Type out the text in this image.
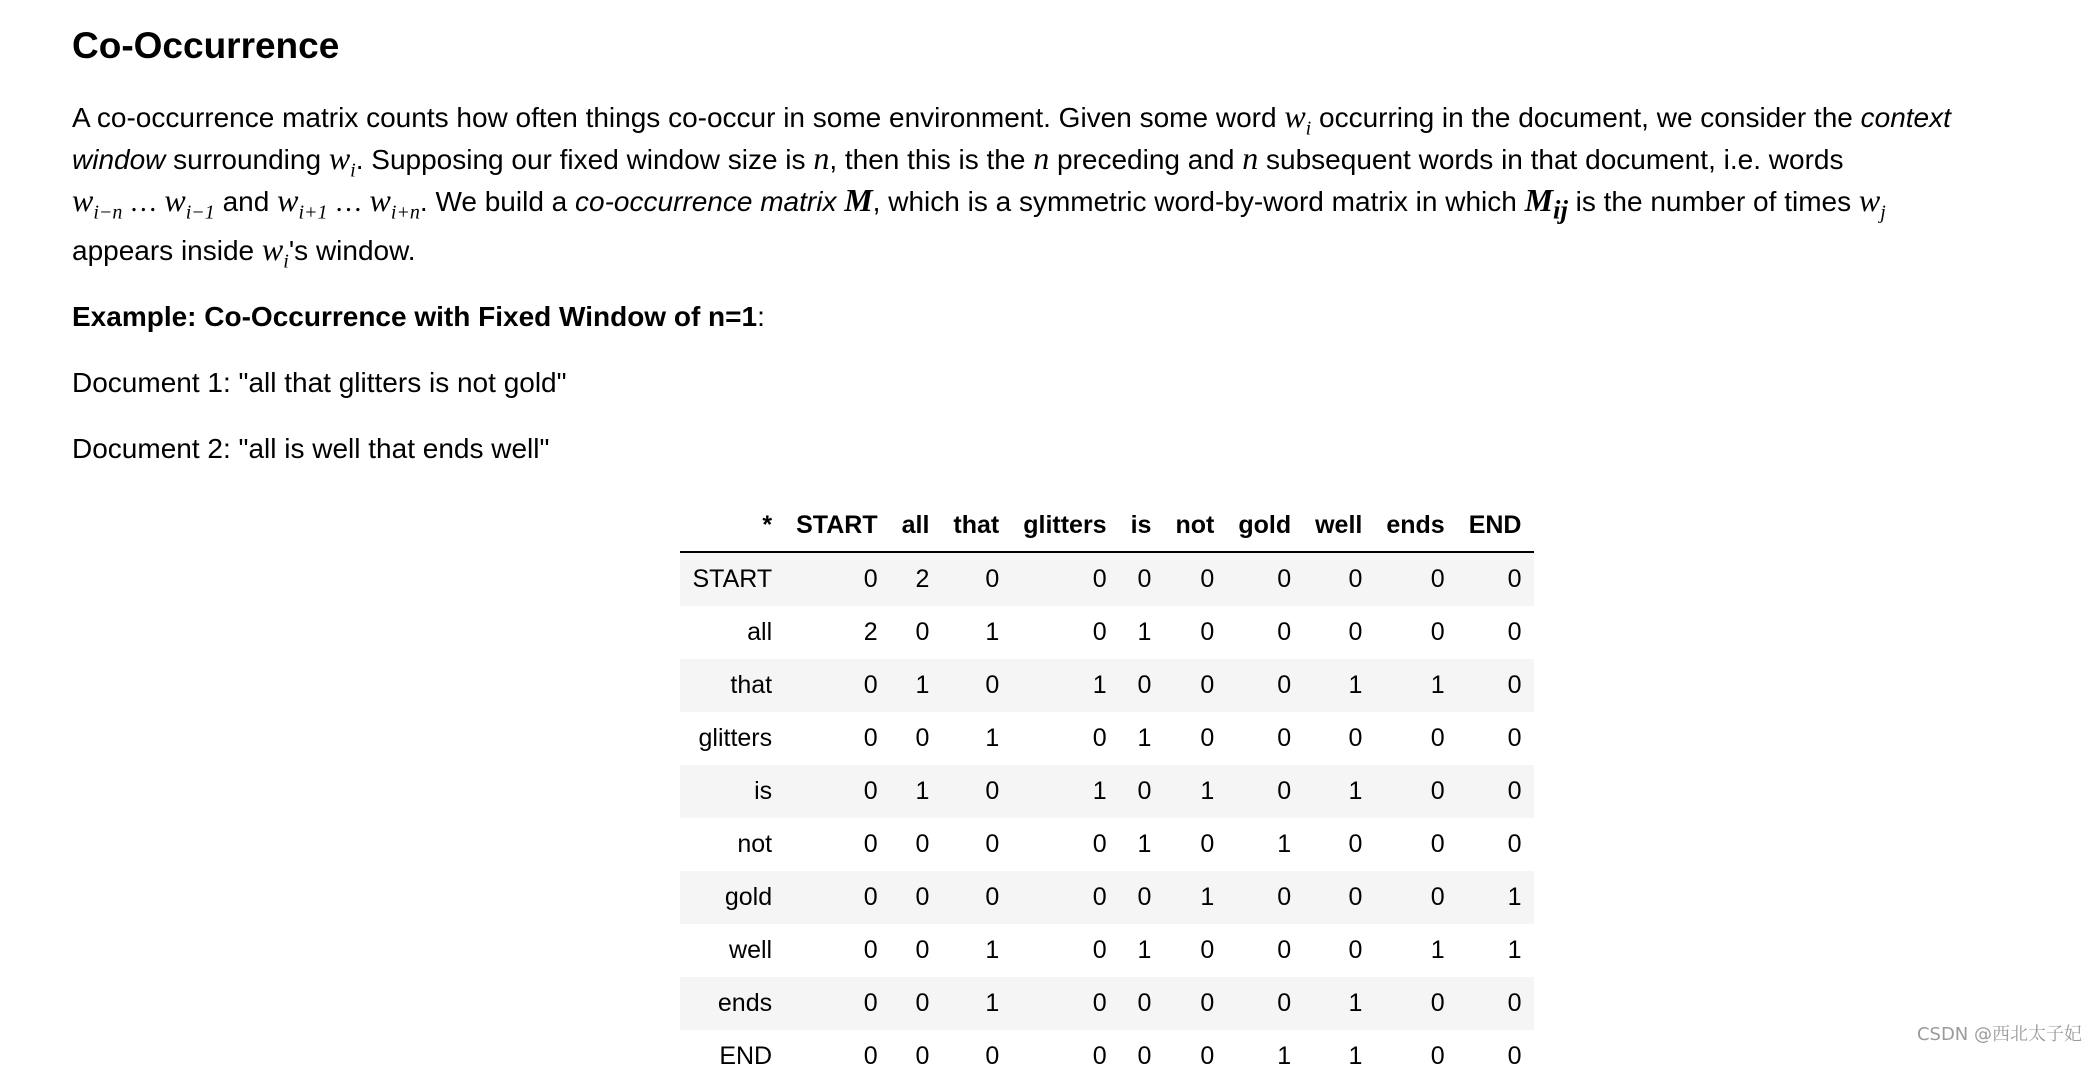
Co-Occurrence

A co-occurrence matrix counts how often things co-occur in some environment. Given some word $w_i$ occurring in the document, we consider the context window surrounding $w_i$. Supposing our fixed window size is n, then this is the n preceding and n subsequent words in that document, i.e. words
$w_{i-n}$ … $w_{i-1}$ and $w_{i+1}$ … $w_{i+n}$. We build a co-occurrence matrix M, which is a symmetric word-by-word matrix in which $M_{ij}$ is the number of times $w_j$
appears inside $w_i's$ window.

Example: Co-Occurrence with Fixed Window of n=1:

Document 1: "all that glitters is not gold"

Document 2: "all is well that ends well"

*	START	all	that	glitters	is	not	gold	well	ends	END
START	0	2	0	0	0	0	0	0	0	0
all	2	0	1	0	1	0	0	0	0	0
that	0	1	0	1	0	0	0	1	1	0
glitters	0	0	1	0	1	0	0	0	0	0
is	0	1	0	1	0	1	0	1	0	0
not	0	0	0	0	1	0	1	0	0	0
gold	0	0	0	0	0	1	0	0	0	1
well	0	0	1	0	1	0	0	0	1	1
ends	0	0	1	0	0	0	0	1	0	0
END	0	0	0	0	0	0	1	1	0	0
CSDN @西北太子妃
